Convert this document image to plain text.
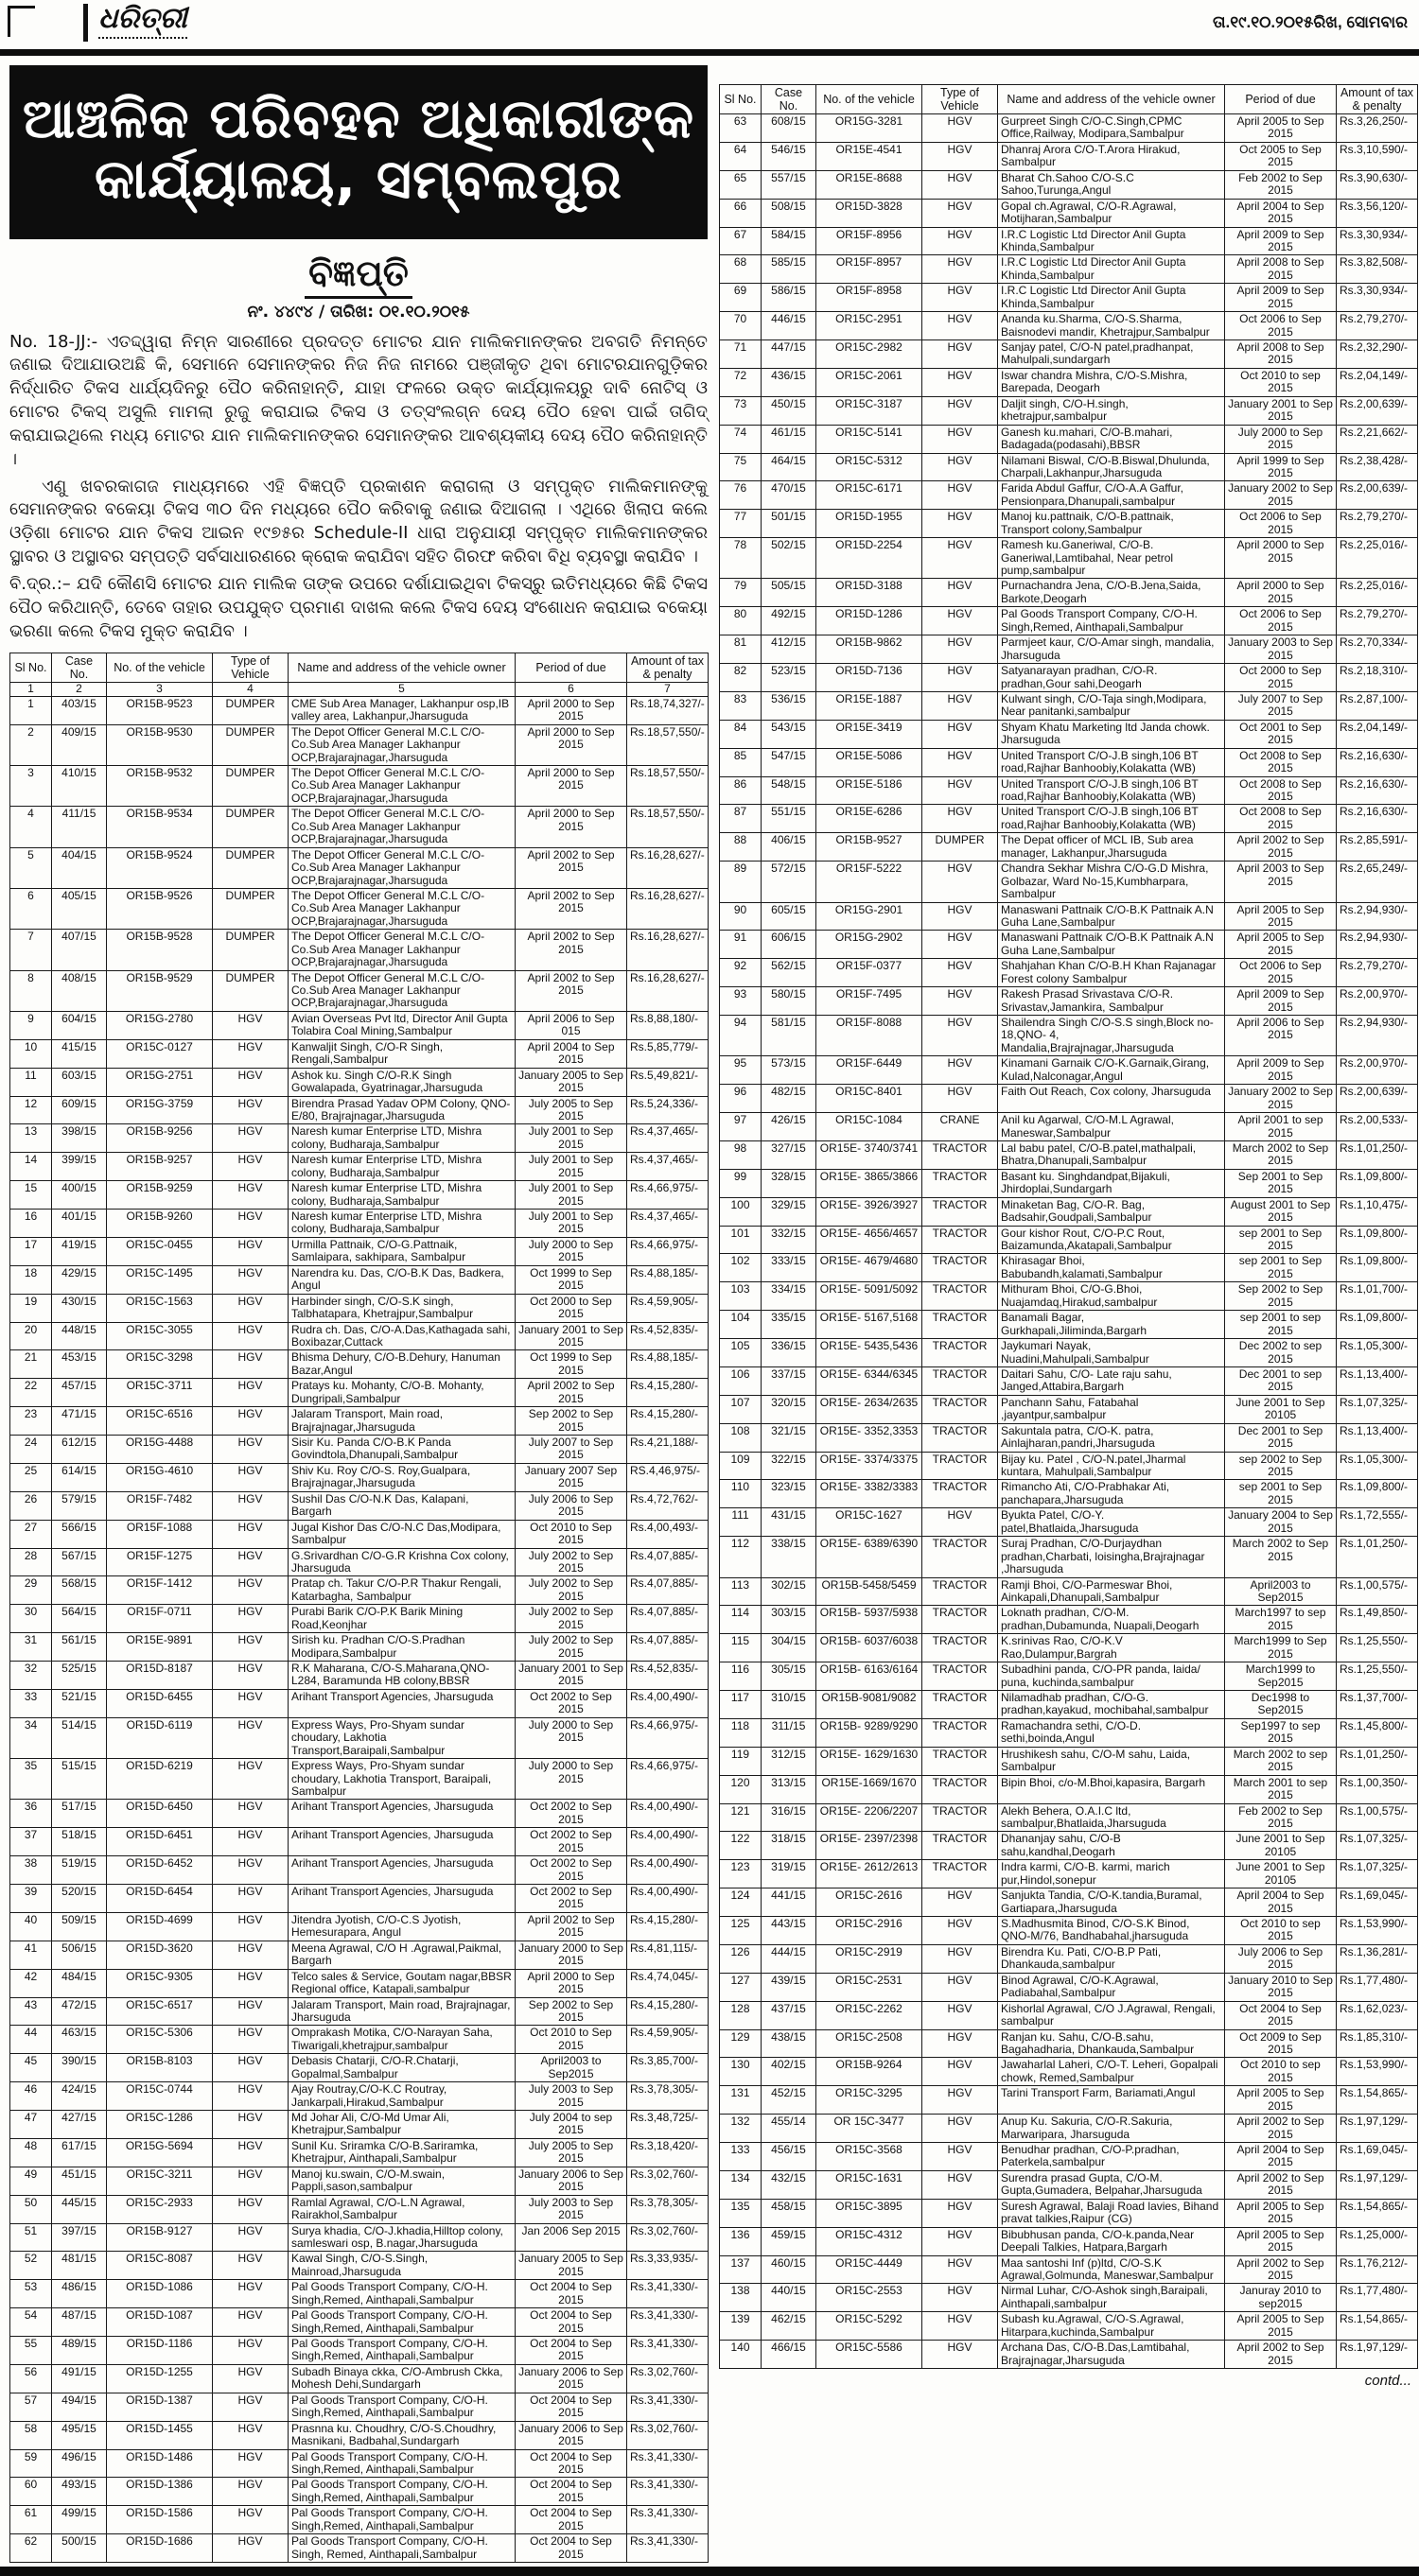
ଧରିତ୍ରୀ	ତା.୧୯.୧୦.୨୦୧୫ରିଖ, ସୋମବାର
ଆଞ୍ଚଳିକ ପରିବହନ ଅଧିକାରୀଙ୍କ
କାର୍ଯ୍ୟାଳୟ, ସମ୍ବଲପୁର
ବିଜ୍ଞପ୍ତି
ନଂ. ୪୪୯୪ / ତାରିଖ: ୦୧.୧୦.୨୦୧୫

No. 18-JJ:- ଏତଦ୍ଦ୍ୱାରା ନିମ୍ନ ସାରଣୀରେ ପ୍ରଦତ୍ତ ମୋଟର ଯାନ ମାଲିକମାନଙ୍କର ଅବଗତି ନିମନ୍ତେ ଜଣାଇ ଦିଆଯାଉଅଛି କି, ସେମାନେ ସେମାନଙ୍କର ନିଜ ନିଜ ନାମରେ ପଞ୍ଜୀକୃତ ଥିବା ମୋଟରଯାନଗୁଡ଼ିକର ନିର୍ଦ୍ଧାରିତ ଟିକସ ଧାର୍ଯ୍ୟଦିନରୁ ପୈଠ କରିନାହାନ୍ତି, ଯାହା ଫଳରେ ଉକ୍ତ କାର୍ଯ୍ୟାଳୟରୁ ଦାବି ନୋଟିସ୍ ଓ ମୋଟର ଟିକସ୍ ଅସୁଲି ମାମଲା ରୁଜୁ କରାଯାଇ ଟିକସ ଓ ତତ୍‌ସଂଲଗ୍ନ ଦେୟ ପୈଠ ହେବା ପାଇଁ ତାଗିଦ୍ କରାଯାଇଥିଲେ ମଧ୍ୟ ମୋଟର ଯାନ ମାଲିକମାନଙ୍କର ସେମାନଙ୍କର ଆବଶ୍ୟକୀୟ ଦେୟ ପୈଠ କରିନାହାନ୍ତି ।

ଏଣୁ ଖବରକାଗଜ ମାଧ୍ୟମରେ ଏହି ବିଜ୍ଞପ୍ତି ପ୍ରକାଶନ କରାଗଲା ଓ ସମ୍ପୃକ୍ତ ମାଲିକମାନଙ୍କୁ ସେମାନଙ୍କର ବକେୟା ଟିକସ ୩୦ ଦିନ ମଧ୍ୟରେ ପୈଠ କରିବାକୁ ଜଣାଇ ଦିଆଗଲା । ଏଥିରେ ଖିଲାପ କଲେ ଓଡ଼ିଶା ମୋଟର ଯାନ ଟିକସ ଆଇନ ୧୯୭୫ର Schedule-II ଧାରା ଅନୁଯାୟୀ ସମ୍ପୃକ୍ତ ମାଲିକମାନଙ୍କର ସ୍ଥାବର ଓ ଅସ୍ଥାବର ସମ୍ପତ୍ତି ସର୍ବସାଧାରଣରେ କ୍ରୋକ କରାଯିବା ସହିତ ଗିରଫ କରିବା ବିଧି ବ୍ୟବସ୍ଥା କରାଯିବ ।

ବି.ଦ୍ର.:– ଯଦି କୌଣସି ମୋଟର ଯାନ ମାଲିକ ତାଙ୍କ ଉପରେ ଦର୍ଶାଯାଇଥିବା ଟିକସ୍‌ରୁ ଇତିମଧ୍ୟରେ କିଛି ଟିକସ ପୈଠ କରିଥାନ୍ତି, ତେବେ ତାହାର ଉପଯୁକ୍ତ ପ୍ରମାଣ ଦାଖଲ କଲେ ଟିକସ ଦେୟ ସଂଶୋଧନ କରାଯାଇ ବକେୟା ଭରଣା କଲେ ଟିକସ ମୁକ୍ତ କରାଯିବ ।

Sl No.	Case No.	No. of the vehicle	Type of Vehicle	Name and address of the vehicle owner	Period of due	Amount of tax & penalty
1	2	3	4	5	6	7
1	403/15	OR15B-9523	DUMPER	CME Sub Area Manager, Lakhanpur osp,IB valley area, Lakhanpur,Jharsuguda	April 2000 to Sep 2015	Rs.18,74,327/-
2	409/15	OR15B-9530	DUMPER	The Depot Officer General M.C.L C/O-Co.Sub Area Manager Lakhanpur OCP,Brajarajnagar,Jharsuguda	April 2000 to Sep 2015	Rs.18,57,550/-
3	410/15	OR15B-9532	DUMPER	The Depot Officer General M.C.L C/O-Co.Sub Area Manager Lakhanpur OCP,Brajarajnagar,Jharsuguda	April 2000 to Sep 2015	Rs.18,57,550/-
4	411/15	OR15B-9534	DUMPER	The Depot Officer General M.C.L C/O-Co.Sub Area Manager Lakhanpur OCP,Brajarajnagar,Jharsuguda	April 2000 to Sep 2015	Rs.18,57,550/-
5	404/15	OR15B-9524	DUMPER	The Depot Officer General M.C.L C/O-Co.Sub Area Manager Lakhanpur OCP,Brajarajnagar,Jharsuguda	April 2002 to Sep 2015	Rs.16,28,627/-
6	405/15	OR15B-9526	DUMPER	The Depot Officer General M.C.L C/O-Co.Sub Area Manager Lakhanpur OCP,Brajarajnagar,Jharsuguda	April 2002 to Sep 2015	Rs.16,28,627/-
7	407/15	OR15B-9528	DUMPER	The Depot Officer General M.C.L C/O-Co.Sub Area Manager Lakhanpur OCP,Brajarajnagar,Jharsuguda	April 2002 to Sep 2015	Rs.16,28,627/-
8	408/15	OR15B-9529	DUMPER	The Depot Officer General M.C.L C/O-Co.Sub Area Manager Lakhanpur OCP,Brajarajnagar,Jharsuguda	April 2002 to Sep 2015	Rs.16,28,627/-
9	604/15	OR15G-2780	HGV	Avian Overseas Pvt ltd, Director Anil Gupta Tolabira Coal Mining,Sambalpur	April 2006 to Sep 015	Rs.8,88,180/-
10	415/15	OR15C-0127	HGV	Kanwaljit Singh, C/O-R Singh, Rengali,Sambalpur	April 2004 to Sep 2015	Rs.5,85,779/-
11	603/15	OR15G-2751	HGV	Ashok ku. Singh C/O-R.K Singh Gowalapada, Gyatrinagar,Jharsuguda	January 2005 to Sep 2015	Rs.5,49,821/-
12	609/15	OR15G-3759	HGV	Birendra Prasad Yadav OPM Colony, QNO-E/80, Brajrajnagar,Jharsuguda	July 2005 to Sep 2015	Rs.5,24,336/-
13	398/15	OR15B-9256	HGV	Naresh kumar Enterprise LTD, Mishra colony, Budharaja,Sambalpur	July 2001 to Sep 2015	Rs.4,37,465/-
14	399/15	OR15B-9257	HGV	Naresh kumar Enterprise LTD, Mishra colony, Budharaja,Sambalpur	July 2001 to Sep 2015	Rs.4,37,465/-
15	400/15	OR15B-9259	HGV	Naresh kumar Enterprise LTD, Mishra colony, Budharaja,Sambalpur	July 2001 to Sep 2015	Rs.4,66,975/-
16	401/15	OR15B-9260	HGV	Naresh kumar Enterprise LTD, Mishra colony, Budharaja,Sambalpur	July 2001 to Sep 2015	Rs.4,37,465/-
17	419/15	OR15C-0455	HGV	Urmilla Pattnaik, C/O-G.Pattnaik, Samlaipara, sakhipara, Sambalpur	July 2000 to Sep 2015	Rs.4,66,975/-
18	429/15	OR15C-1495	HGV	Narendra ku. Das, C/O-B.K Das, Badkera, Angul	Oct 1999 to Sep 2015	Rs.4,88,185/-
19	430/15	OR15C-1563	HGV	Harbinder singh, C/O-S.K singh, Talbhatapara, Khetrajpur,Sambalpur	Oct 2000 to Sep 2015	Rs.4,59,905/-
20	448/15	OR15C-3055	HGV	Rudra ch. Das, C/O-A.Das,Kathagada sahi, Boxibazar,Cuttack	January 2001 to Sep 2015	Rs.4,52,835/-
21	453/15	OR15C-3298	HGV	Bhisma Dehury, C/O-B.Dehury, Hanuman Bazar,Angul	Oct 1999 to Sep 2015	Rs.4,88,185/-
22	457/15	OR15C-3711	HGV	Pratays ku. Mohanty, C/O-B. Mohanty, Dungripali,Sambalpur	April 2002 to Sep 2015	Rs.4,15,280/-
23	471/15	OR15C-6516	HGV	Jalaram Transport, Main road, Brajrajnagar,Jharsuguda	Sep 2002 to Sep 2015	Rs.4,15,280/-
24	612/15	OR15G-4488	HGV	Sisir Ku. Panda C/O-B.K Panda Govindtola,Dhanupali,Sambalpur	July 2007 to Sep 2015	Rs.4,21,188/-
25	614/15	OR15G-4610	HGV	Shiv Ku. Roy C/O-S. Roy,Gualpara, Brajrajnagar,Jharsuguda	January 2007 Sep 2015	RS.4,46,975/-
26	579/15	OR15F-7482	HGV	Sushil Das C/O-N.K Das, Kalapani, Bargarh	July 2006 to Sep 2015	Rs.4,72,762/-
27	566/15	OR15F-1088	HGV	Jugal Kishor Das C/O-N.C Das,Modipara, Sambalpur	Oct 2010 to Sep 2015	Rs.4,00,493/-
28	567/15	OR15F-1275	HGV	G.Srivardhan C/O-G.R Krishna Cox colony, Jharsuguda	July 2002 to Sep 2015	Rs.4,07,885/-
29	568/15	OR15F-1412	HGV	Pratap ch. Takur C/O-P.R Thakur Rengali, Katarbagha, Sambalpur	July 2002 to Sep 2015	Rs.4,07,885/-
30	564/15	OR15F-0711	HGV	Purabi Barik C/O-P.K Barik Mining Road,Keonjhar	July 2002 to Sep 2015	Rs.4,07,885/-
31	561/15	OR15E-9891	HGV	Sirish ku. Pradhan C/O-S.Pradhan Modipara,Sambalpur	July 2002 to Sep 2015	Rs.4,07,885/-
32	525/15	OR15D-8187	HGV	R.K Maharana, C/O-S.Maharana,QNO-L284, Baramunda HB colony,BBSR	January 2001 to Sep 2015	Rs.4,52,835/-
33	521/15	OR15D-6455	HGV	Arihant Transport Agencies, Jharsuguda	Oct 2002 to Sep 2015	Rs.4,00,490/-
34	514/15	OR15D-6119	HGV	Express Ways, Pro-Shyam sundar choudary, Lakhotia Transport,Baraipali,Sambalpur	July 2000 to Sep 2015	Rs.4,66,975/-
35	515/15	OR15D-6219	HGV	Express Ways, Pro-Shyam sundar choudary, Lakhotia Transport, Baraipali, Sambalpur	July 2000 to Sep 2015	Rs.4,66,975/-
36	517/15	OR15D-6450	HGV	Arihant Transport Agencies, Jharsuguda	Oct 2002 to Sep 2015	Rs.4,00,490/-
37	518/15	OR15D-6451	HGV	Arihant Transport Agencies, Jharsuguda	Oct 2002 to Sep 2015	Rs.4,00,490/-
38	519/15	OR15D-6452	HGV	Arihant Transport Agencies, Jharsuguda	Oct 2002 to Sep 2015	Rs.4,00,490/-
39	520/15	OR15D-6454	HGV	Arihant Transport Agencies, Jharsuguda	Oct 2002 to Sep 2015	Rs.4,00,490/-
40	509/15	OR15D-4699	HGV	Jitendra Jyotish, C/O-C.S Jyotish, Hemesurapara, Angul	April 2002 to Sep 2015	Rs.4,15,280/-
41	506/15	OR15D-3620	HGV	Meena Agrawal, C/O H .Agrawal,Paikmal, Bargarh	January 2000 to Sep 2015	Rs.4,81,115/-
42	484/15	OR15C-9305	HGV	Telco sales & Service, Goutam nagar,BBSR Regional office, Katapali,sambalpur	April 2000 to Sep 2015	Rs.4,74,045/-
43	472/15	OR15C-6517	HGV	Jalaram Transport, Main road, Brajrajnagar, Jharsuguda	Sep 2002 to Sep 2015	Rs.4,15,280/-
44	463/15	OR15C-5306	HGV	Omprakash Motika, C/O-Narayan Saha, Tiwarigali,khetrajpur,sambalpur	Oct 2010 to Sep 2015	Rs.4,59,905/-
45	390/15	OR15B-8103	HGV	Debasis Chatarji, C/O-R.Chatarji, Gopalmal,Sambalpur	April2003 to Sep2015	Rs.3,85,700/-
46	424/15	OR15C-0744	HGV	Ajay Routray,C/O-K.C Routray, Jankarpali,Hirakud,Sambalpur	July 2003 to Sep 2015	Rs.3,78,305/-
47	427/15	OR15C-1286	HGV	Md Johar Ali, C/O-Md Umar Ali, Khetrajpur,Sambalpur	July 2004 to sep 2015	Rs.3,48,725/-
48	617/15	OR15G-5694	HGV	Sunil Ku. Sriramka C/O-B.Sariramka, Khetrajpur, Ainthapali,Sambalpur	July 2005 to Sep 2015	Rs.3,18,420/-
49	451/15	OR15C-3211	HGV	Manoj ku.swain, C/O-M.swain, Pappli,sason,sambalpur	January 2006 to Sep 2015	Rs.3,02,760/-
50	445/15	OR15C-2933	HGV	Ramlal Agrawal, C/O-L.N Agrawal, Rairakhol,Sambalpur	July 2003 to Sep 2015	Rs.3,78,305/-
51	397/15	OR15B-9127	HGV	Surya khadia, C/O-J.khadia,Hilltop colony, samleswari osp, B.nagar,Jharsuguda	Jan 2006 Sep 2015	Rs.3,02,760/-
52	481/15	OR15C-8087	HGV	Kawal Singh, C/O-S.Singh, Mainroad,Jharsuguda	January 2005 to Sep 2015	Rs.3,33,935/-
53	486/15	OR15D-1086	HGV	Pal Goods Transport Company, C/O-H. Singh,Remed, Ainthapali,Sambalpur	Oct 2004 to Sep 2015	Rs.3,41,330/-
54	487/15	OR15D-1087	HGV	Pal Goods Transport Company, C/O-H. Singh,Remed, Ainthapali,Sambalpur	Oct 2004 to Sep 2015	Rs.3,41,330/-
55	489/15	OR15D-1186	HGV	Pal Goods Transport Company, C/O-H. Singh,Remed, Ainthapali,Sambalpur	Oct 2004 to Sep 2015	Rs.3,41,330/-
56	491/15	OR15D-1255	HGV	Subadh Binaya ckka, C/O-Ambrush Ckka, Mohesh Dehi,Sundargarh	January 2006 to Sep 2015	Rs.3,02,760/-
57	494/15	OR15D-1387	HGV	Pal Goods Transport Company, C/O-H. Singh,Remed, Ainthapali,Sambalpur	Oct 2004 to Sep 2015	Rs.3,41,330/-
58	495/15	OR15D-1455	HGV	Prasnna ku. Choudhry, C/O-S.Choudhry, Masnikani, Badbahal,Sundargarh	January 2006 to Sep 2015	Rs.3,02,760/-
59	496/15	OR15D-1486	HGV	Pal Goods Transport Company, C/O-H. Singh,Remed, Ainthapali,Sambalpur	Oct 2004 to Sep 2015	Rs.3,41,330/-
60	493/15	OR15D-1386	HGV	Pal Goods Transport Company, C/O-H. Singh,Remed, Ainthapali,Sambalpur	Oct 2004 to Sep 2015	Rs.3,41,330/-
61	499/15	OR15D-1586	HGV	Pal Goods Transport Company, C/O-H. Singh,Remed, Ainthapali,Sambalpur	Oct 2004 to Sep 2015	Rs.3,41,330/-
62	500/15	OR15D-1686	HGV	Pal Goods Transport Company, C/O-H. Singh, Remed, Ainthapali,Sambalpur	Oct 2004 to Sep 2015	Rs.3,41,330/-
Sl No.	Case No.	No. of the vehicle	Type of Vehicle	Name and address of the vehicle owner	Period of due	Amount of tax & penalty
63	608/15	OR15G-3281	HGV	Gurpreet Singh C/O-C.Singh,CPMC Office,Railway, Modipara,Sambalpur	April 2005 to Sep 2015	Rs.3,26,250/-
64	546/15	OR15E-4541	HGV	Dhanraj Arora C/O-T.Arora Hirakud, Sambalpur	Oct 2005 to Sep 2015	Rs.3,10,590/-
65	557/15	OR15E-8688	HGV	Bharat Ch.Sahoo C/O-S.C Sahoo,Turunga,Angul	Feb 2002 to Sep 2015	Rs.3,90,630/-
66	508/15	OR15D-3828	HGV	Gopal ch.Agrawal, C/O-R.Agrawal, Motijharan,Sambalpur	April 2004 to Sep 2015	Rs.3,56,120/-
67	584/15	OR15F-8956	HGV	I.R.C Logistic Ltd Director Anil Gupta Khinda,Sambalpur	April 2009 to Sep 2015	Rs.3,30,934/-
68	585/15	OR15F-8957	HGV	I.R.C Logistic Ltd Director Anil Gupta Khinda,Sambalpur	April 2008 to Sep 2015	Rs.3,82,508/-
69	586/15	OR15F-8958	HGV	I.R.C Logistic Ltd Director Anil Gupta Khinda,Sambalpur	April 2009 to Sep 2015	Rs.3,30,934/-
70	446/15	OR15C-2951	HGV	Ananda ku.Sharma, C/O-S.Sharma, Baisnodevi mandir, Khetrajpur,Sambalpur	Oct 2006 to Sep 2015	Rs.2,79,270/-
71	447/15	OR15C-2982	HGV	Sanjay patel, C/O-N patel,pradhanpat, Mahulpali,sundargarh	April 2008 to Sep 2015	Rs.2,32,290/-
72	436/15	OR15C-2061	HGV	Iswar chandra Mishra, C/O-S.Mishra, Barepada, Deogarh	Oct 2010 to sep 2015	Rs.2,04,149/-
73	450/15	OR15C-3187	HGV	Daljit singh, C/O-H.singh, khetrajpur,sambalpur	January 2001 to Sep 2015	Rs.2,00,639/-
74	461/15	OR15C-5141	HGV	Ganesh ku.mahari, C/O-B.mahari, Badagada(podasahi),BBSR	July 2000 to Sep 2015	Rs.2,21,662/-
75	464/15	OR15C-5312	HGV	Nilamani Biswal, C/O-B.Biswal,Dhulunda, Charpali,Lakhanpur,Jharsuguda	April 1999 to Sep 2015	Rs.2,38,428/-
76	470/15	OR15C-6171	HGV	Farida Abdul Gaffur, C/O-A.A Gaffur, Pensionpara,Dhanupali,sambalpur	January 2002 to Sep 2015	Rs.2,00,639/-
77	501/15	OR15D-1955	HGV	Manoj ku.pattnaik, C/O-B.pattnaik, Transport colony,Sambalpur	Oct 2006 to Sep 2015	Rs.2,79,270/-
78	502/15	OR15D-2254	HGV	Ramesh ku.Ganeriwal, C/O-B. Ganeriwal,Lamtibahal, Near petrol pump,sambalpur	April 2000 to Sep 2015	Rs.2,25,016/-
79	505/15	OR15D-3188	HGV	Purnachandra Jena, C/O-B.Jena,Saida, Barkote,Deogarh	April 2000 to Sep 2015	Rs.2,25,016/-
80	492/15	OR15D-1286	HGV	Pal Goods Transport Company, C/O-H. Singh,Remed, Ainthapali,Sambalpur	Oct 2006 to Sep 2015	Rs.2,79,270/-
81	412/15	OR15B-9862	HGV	Parmjeet kaur, C/O-Amar singh, mandalia, Jharsuguda	January 2003 to Sep 2015	Rs.2,70,334/-
82	523/15	OR15D-7136	HGV	Satyanarayan pradhan, C/O-R. pradhan,Gour sahi,Deogarh	Oct 2000 to Sep 2015	Rs.2,18,310/-
83	536/15	OR15E-1887	HGV	Kulwant singh, C/O-Taja singh,Modipara, Near panitanki,sambalpur	July 2007 to Sep 2015	Rs.2,87,100/-
84	543/15	OR15E-3419	HGV	Shyam Khatu Marketing ltd Janda chowk. Jharsuguda	Oct 2001 to Sep 2015	Rs.2,04,149/-
85	547/15	OR15E-5086	HGV	United Transport C/O-J.B singh,106 BT road,Rajhar Banhoobiy,Kolakatta (WB)	Oct 2008 to Sep 2015	Rs.2,16,630/-
86	548/15	OR15E-5186	HGV	United Transport C/O-J.B singh,106 BT road,Rajhar Banhoobiy,Kolakatta (WB)	Oct 2008 to Sep 2015	Rs.2,16,630/-
87	551/15	OR15E-6286	HGV	United Transport C/O-J.B singh,106 BT road,Rajhar Banhoobiy,Kolakatta (WB)	Oct 2008 to Sep 2015	Rs.2,16,630/-
88	406/15	OR15B-9527	DUMPER	The Depat officer of MCL IB, Sub area manager, Lakhanpur,Jharsuguda	April 2002 to Sep 2015	Rs.2,85,591/-
89	572/15	OR15F-5222	HGV	Chandra Sekhar Mishra C/O-G.D Mishra, Golbazar, Ward No-15,Kumbharpara, Sambalpur	April 2003 to Sep 2015	Rs.2,65,249/-
90	605/15	OR15G-2901	HGV	Manaswani Pattnaik C/O-B.K Pattnaik A.N Guha Lane,Sambalpur	April 2005 to Sep 2015	Rs.2,94,930/-
91	606/15	OR15G-2902	HGV	Manaswani Pattnaik C/O-B.K Pattnaik A.N Guha Lane,Sambalpur	April 2005 to Sep 2015	Rs.2,94,930/-
92	562/15	OR15F-0377	HGV	Shahjahan Khan C/O-B.H Khan Rajanagar Forest colony Sambalpur	Oct 2006 to Sep 2015	Rs.2,79,270/-
93	580/15	OR15F-7495	HGV	Rakesh Prasad Srivastava C/O-R. Srivastav,Jamankira, Sambalpur	April 2009 to Sep 2015	Rs.2,00,970/-
94	581/15	OR15F-8088	HGV	Shailendra Singh C/O-S.S singh,Block no-18,QNO- 4, Mandalia,Brajrajnagar,Jharsuguda	April 2006 to Sep 2015	Rs.2,94,930/-
95	573/15	OR15F-6449	HGV	Kinamani Garnaik C/O-K.Garnaik,Girang, Kulad,Nalconagar,Angul	April 2009 to Sep 2015	Rs.2,00,970/-
96	482/15	OR15C-8401	HGV	Faith Out Reach, Cox colony, Jharsuguda	January 2002 to Sep 2015	Rs.2,00,639/-
97	426/15	OR15C-1084	CRANE	Anil ku Agarwal, C/O-M.L Agrawal, Maneswar,Sambalpur	April 2001 to sep 2015	Rs.2,00,533/-
98	327/15	OR15E- 3740/3741	TRACTOR	Lal babu patel, C/O-B.patel,mathalpali, Bhatra,Dhanupali,Sambalpur	March 2002 to Sep 2015	Rs.1,01,250/-
99	328/15	OR15E- 3865/3866	TRACTOR	Basant ku. Singhdandpat,Bijakuli, Jhirdoplai,Sundargarh	Sep 2001 to Sep 2015	Rs.1,09,800/-
100	329/15	OR15E- 3926/3927	TRACTOR	Minaketan Bag, C/O-R. Bag, Badsahir,Goudpali,Sambalpur	August 2001 to Sep 2015	Rs.1,10,475/-
101	332/15	OR15E- 4656/4657	TRACTOR	Gour kishor Rout, C/O-P.C Rout, Baizamunda,Akatapali,Sambalpur	sep 2001 to Sep 2015	Rs.1,09,800/-
102	333/15	OR15E- 4679/4680	TRACTOR	Khirasagar Bhoi, Babubandh,kalamati,Sambalpur	sep 2001 to Sep 2015	Rs.1,09,800/-
103	334/15	OR15E- 5091/5092	TRACTOR	Mithuram Bhoi, C/O-G.Bhoi, Nuajamdaq,Hirakud,sambalpur	Sep 2002 to Sep 2015	Rs.1,01,700/-
104	335/15	OR15E- 5167,5168	TRACTOR	Banamali Bagar, Gurkhapali,Jiliminda,Bargarh	sep 2001 to sep 2015	Rs.1,09,800/-
105	336/15	OR15E- 5435,5436	TRACTOR	Jaykumari Nayak, Nuadini,Mahulpali,Sambalpur	Dec 2002 to sep 2015	Rs.1,05,300/-
106	337/15	OR15E- 6344/6345	TRACTOR	Daitari Sahu, C/O- Late raju sahu, Janged,Attabira,Bargarh	Dec 2001 to sep 2015	Rs.1,13,400/-
107	320/15	OR15E- 2634/2635	TRACTOR	Panchann Sahu, Fatabahal ,jayantpur,sambalpur	June 2001 to Sep 20105	Rs.1,07,325/-
108	321/15	OR15E- 3352,3353	TRACTOR	Sakuntala patra, C/O-K. patra, Ainlajharan,pandri,Jharsuguda	Dec 2001 to Sep 2015	Rs.1,13,400/-
109	322/15	OR15E- 3374/3375	TRACTOR	Bijay ku. Patel , C/O-N.patel,Jharmal kuntara, Mahulpali,Sambalpur	sep 2002 to Sep 2015	Rs.1,05,300/-
110	323/15	OR15E- 3382/3383	TRACTOR	Rimancho Ati, C/O-Prabhakar Ati, panchapara,Jharsuguda	sep 2001 to Sep 2015	Rs.1,09,800/-
111	431/15	OR15C-1627	HGV	Byukta Patel, C/O-Y. patel,Bhatlaida,Jharsuguda	January 2004 to Sep 2015	Rs.1,72,555/-
112	338/15	OR15E- 6389/6390	TRACTOR	Suraj Pradhan, C/O-Durjaydhan pradhan,Charbati, loisingha,Brajrajnagar ,Jharsuguda	March 2002 to Sep 2015	Rs.1,01,250/-
113	302/15	OR15B-5458/5459	TRACTOR	Ramji Bhoi, C/O-Parmeswar Bhoi, Ainkapali,Dhanupali,Sambalpur	April2003 to Sep2015	Rs.1,00,575/-
114	303/15	OR15B- 5937/5938	TRACTOR	Loknath pradhan, C/O-M. pradhan,Dubamunda, Nuapali,Deogarh	March1997 to sep 2015	Rs.1,49,850/-
115	304/15	OR15B- 6037/6038	TRACTOR	K.srinivas Rao, C/O-K.V Rao,Dulampur,Bargrah	March1999 to Sep 2015	Rs.1,25,550/-
116	305/15	OR15B- 6163/6164	TRACTOR	Subadhini panda, C/O-PR panda, laida/ puna, kuchinda,sambalpur	March1999 to Sep2015	Rs.1,25,550/-
117	310/15	OR15B-9081/9082	TRACTOR	Nilamadhab pradhan, C/O-G. pradhan,kayakud, mochibahal,sambalpur	Dec1998 to Sep2015	Rs.1,37,700/-
118	311/15	OR15B- 9289/9290	TRACTOR	Ramachandra sethi, C/O-D. sethi,boinda,Angul	Sep1997 to sep 2015	Rs.1,45,800/-
119	312/15	OR15E- 1629/1630	TRACTOR	Hrushikesh sahu, C/O-M sahu, Laida, Sambalpur	March 2002 to sep 2015	Rs.1,01,250/-
120	313/15	OR15E-1669/1670	TRACTOR	Bipin Bhoi, c/o-M.Bhoi,kapasira, Bargarh	March 2001 to sep 2015	Rs.1,00,350/-
121	316/15	OR15E- 2206/2207	TRACTOR	Alekh Behera, O.A.I.C ltd, sambalpur,Bhatlaida,Jharsuguda	Feb 2002 to Sep 2015	Rs.1,00,575/-
122	318/15	OR15E- 2397/2398	TRACTOR	Dhananjay sahu, C/O-B sahu,kandhal,Deogarh	June 2001 to Sep 20105	Rs.1,07,325/-
123	319/15	OR15E- 2612/2613	TRACTOR	Indra karmi, C/O-B. karmi, marich pur,Hindol,sonepur	June 2001 to Sep 20105	Rs.1,07,325/-
124	441/15	OR15C-2616	HGV	Sanjukta Tandia, C/O-K.tandia,Buramal, Gartiapara,Jharsuguda	April 2004 to Sep 2015	Rs.1,69,045/-
125	443/15	OR15C-2916	HGV	S.Madhusmita Binod, C/O-S.K Binod, QNO-M/76, Bandhabahal,jharsuguda	Oct 2010 to sep 2015	Rs.1,53,990/-
126	444/15	OR15C-2919	HGV	Birendra Ku. Pati, C/O-B.P Pati, Dhankauda,sambalpur	July 2006 to Sep 2015	Rs.1,36,281/-
127	439/15	OR15C-2531	HGV	Binod Agrawal, C/O-K.Agrawal, Padiabahal,Sambalpur	January 2010 to Sep 2015	Rs.1,77,480/-
128	437/15	OR15C-2262	HGV	Kishorlal Agrawal, C/O J.Agrawal, Rengali, sambalpur	Oct 2004 to Sep 2015	Rs.1,62,023/-
129	438/15	OR15C-2508	HGV	Ranjan ku. Sahu, C/O-B.sahu, Bagahadharia, Dhankauda,Sambalpur	Oct 2009 to Sep 2015	Rs.1,85,310/-
130	402/15	OR15B-9264	HGV	Jawaharlal Laheri, C/O-T. Leheri, Gopalpali chowk, Remed,Sambalpur	Oct 2010 to sep 2015	Rs.1,53,990/-
131	452/15	OR15C-3295	HGV	Tarini Transport Farm, Bariamati,Angul	April 2005 to Sep 2015	Rs.1,54,865/-
132	455/14	OR 15C-3477	HGV	Anup Ku. Sakuria, C/O-R.Sakuria, Marwaripara, Jharsuguda	April 2002 to Sep 2015	Rs.1,97,129/-
133	456/15	OR15C-3568	HGV	Benudhar pradhan, C/O-P.pradhan, Paterkela,sambalpur	April 2004 to Sep 2015	Rs.1,69,045/-
134	432/15	OR15C-1631	HGV	Surendra prasad Gupta, C/O-M. Gupta,Gumadera, Belpahar,Jharsuguda	April 2002 to Sep 2015	Rs.1,97,129/-
135	458/15	OR15C-3895	HGV	Suresh Agrawal, Balaji Road lavies, Bihand pravat talkies,Raipur (CG)	April 2005 to Sep 2015	Rs.1,54,865/-
136	459/15	OR15C-4312	HGV	Bibubhusan panda, C/O-k.panda,Near Deepali Talkies, Hatpara,Bargarh	April 2005 to Sep 2015	Rs.1,25,000/-
137	460/15	OR15C-4449	HGV	Maa santoshi Inf (p)ltd, C/O-S.K Agrawal,Golmunda, Maneswar,Sambalpur	April 2002 to Sep 2015	Rs.1,76,212/-
138	440/15	OR15C-2553	HGV	Nirmal Luhar, C/O-Ashok singh,Baraipali, Ainthapali,sambalpur	Januray 2010 to sep2015	Rs.1,77,480/-
139	462/15	OR15C-5292	HGV	Subash ku.Agrawal, C/O-S.Agrawal, Hitarpara,kuchinda,Sambalpur	April 2005 to Sep 2015	Rs.1,54,865/-
140	466/15	OR15C-5586	HGV	Archana Das, C/O-B.Das,Lamtibahal, Brajrajnagar,Jharsuguda	April 2002 to Sep 2015	Rs.1,97,129/-
contd...
